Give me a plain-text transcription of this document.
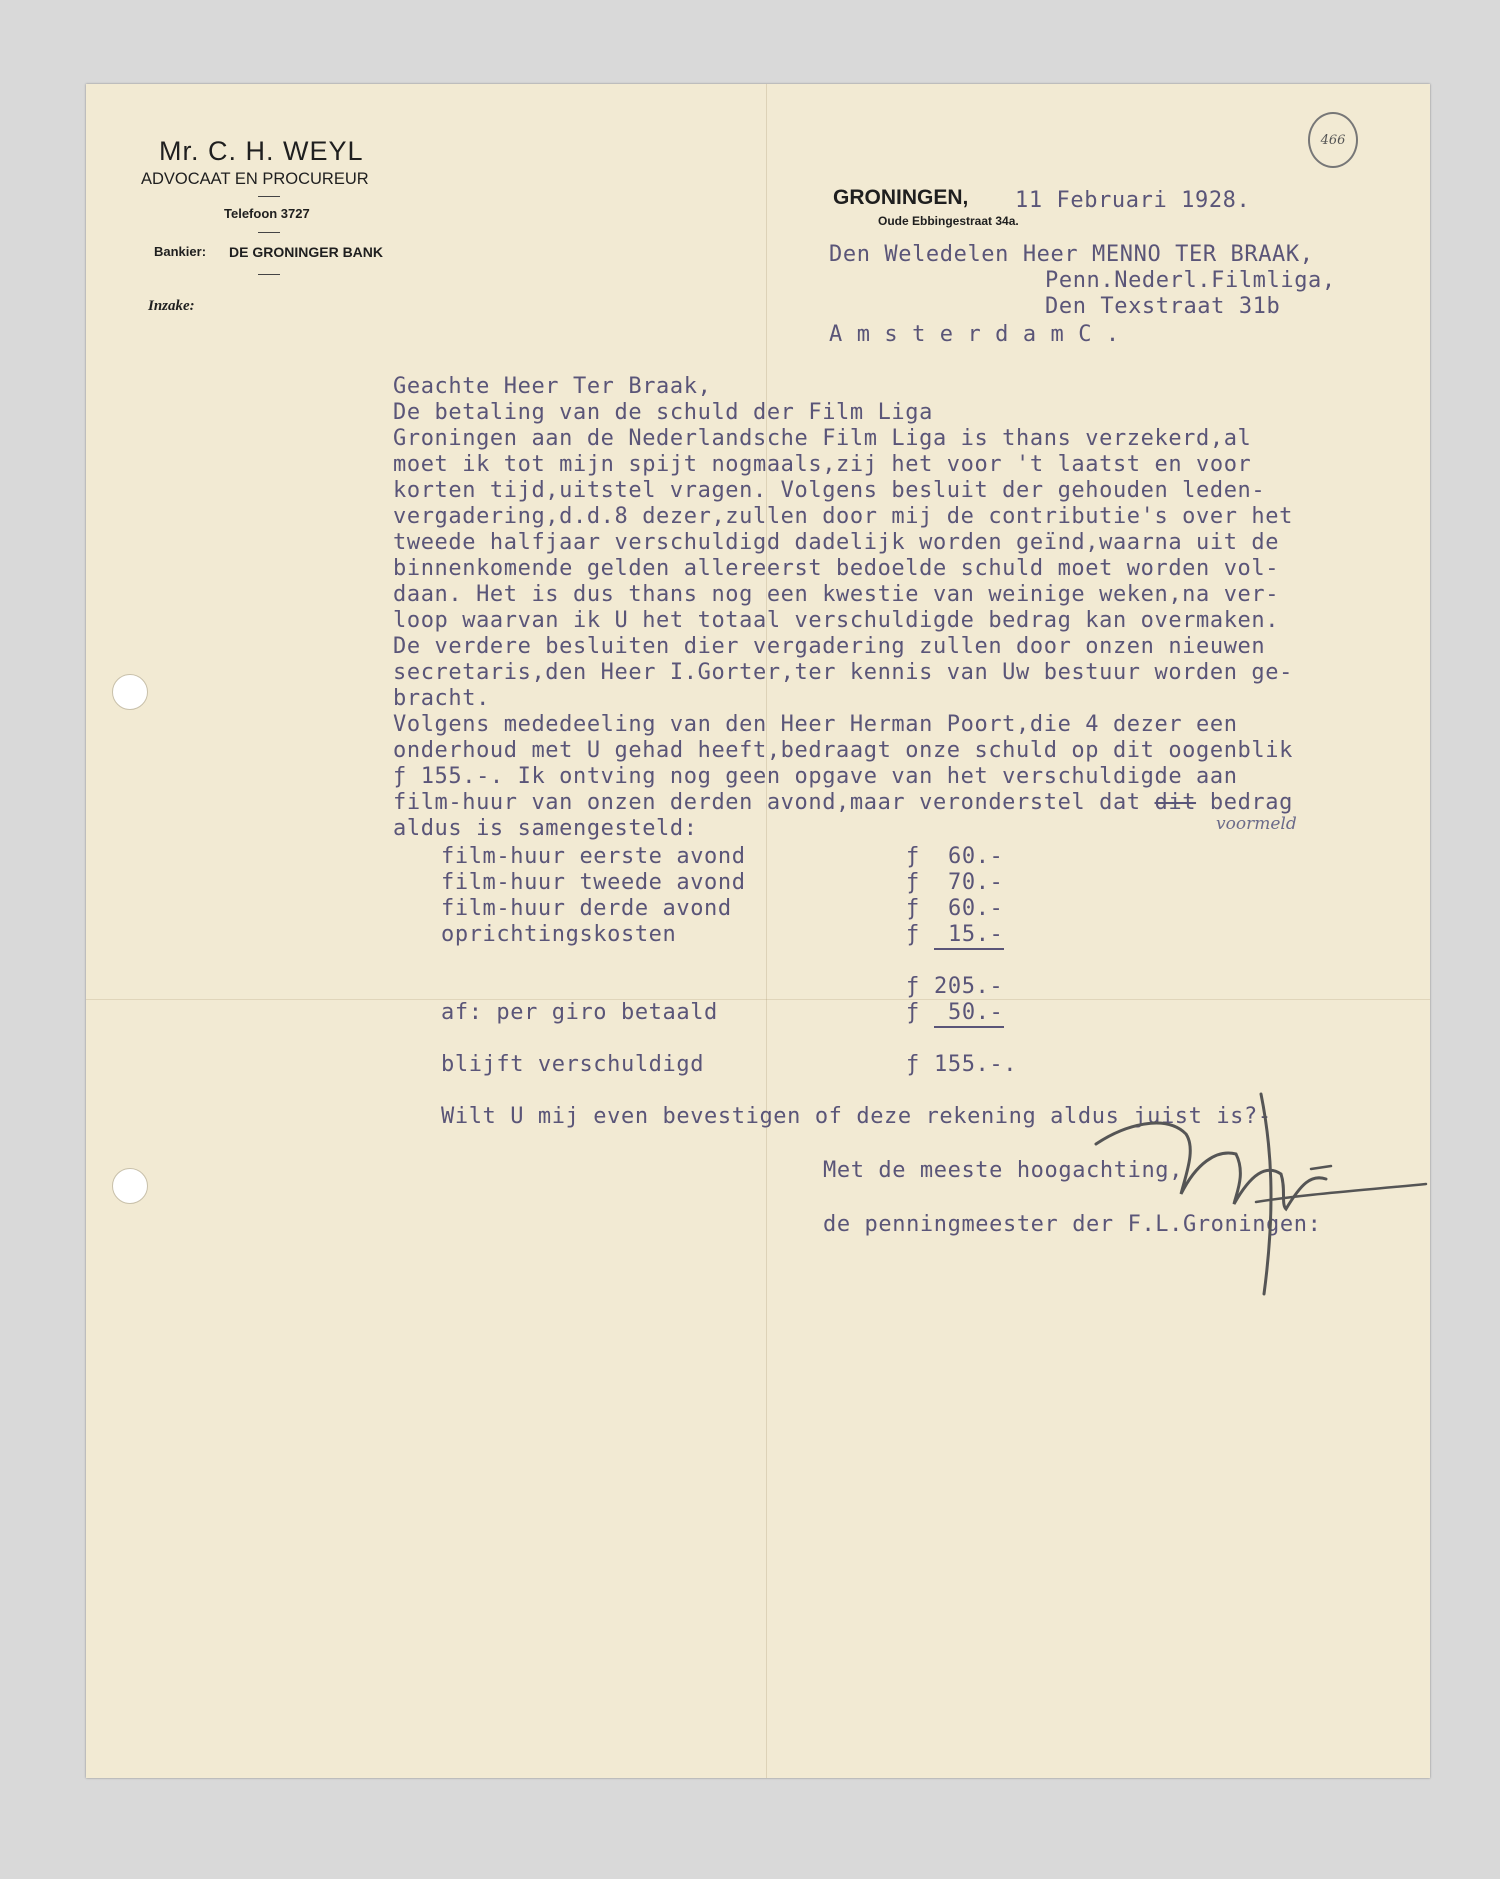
Mr. C. H. WEYL
ADVOCAAT EN PROCUREUR
Telefoon 3727
Bankier: DE GRONINGER BANK
Inzake:
GRONINGEN,
Oude Ebbingestraat 34a.
466
11 Februari 1928.
Den Weledelen Heer MENNO TER BRAAK,
Penn.Nederl.Filmliga,
Den Texstraat 31b
A m s t e r d a m C .
Geachte Heer Ter Braak,
De betaling van de schuld der Film Liga
Groningen aan de Nederlandsche Film Liga is thans verzekerd,al
moet ik tot mijn spijt nogmaals,zij het voor 't laatst en voor
korten tijd,uitstel vragen. Volgens besluit der gehouden leden-
vergadering,d.d.8 dezer,zullen door mij de contributie's over het
tweede halfjaar verschuldigd dadelijk worden geïnd,waarna uit de
binnenkomende gelden allereerst bedoelde schuld moet worden vol-
daan. Het is dus thans nog een kwestie van weinige weken,na ver-
loop waarvan ik U het totaal verschuldigde bedrag kan overmaken.
De verdere besluiten dier vergadering zullen door onzen nieuwen
secretaris,den Heer I.Gorter,ter kennis van Uw bestuur worden ge-
bracht.
Volgens mededeeling van den Heer Herman Poort,die 4 dezer een
onderhoud met U gehad heeft,bedraagt onze schuld op dit oogenblik
ƒ 155.-. Ik ontving nog geen opgave van het verschuldigde aan
film-huur van onzen derden avond,maar veronderstel dat dit bedrag
voormeld
aldus is samengesteld:
film-huur eerste avond	ƒ 60.-
film-huur tweede avond	ƒ 70.-
film-huur derde avond	ƒ 60.-
oprichtingskosten	ƒ 15.-
ƒ 205.-
af: per giro betaald	ƒ 50.-
blijft verschuldigd	ƒ 155.-.
Wilt U mij even bevestigen of deze rekening aldus juist is?-
Met de meeste hoogachting,
de penningmeester der F.L.Groningen:
